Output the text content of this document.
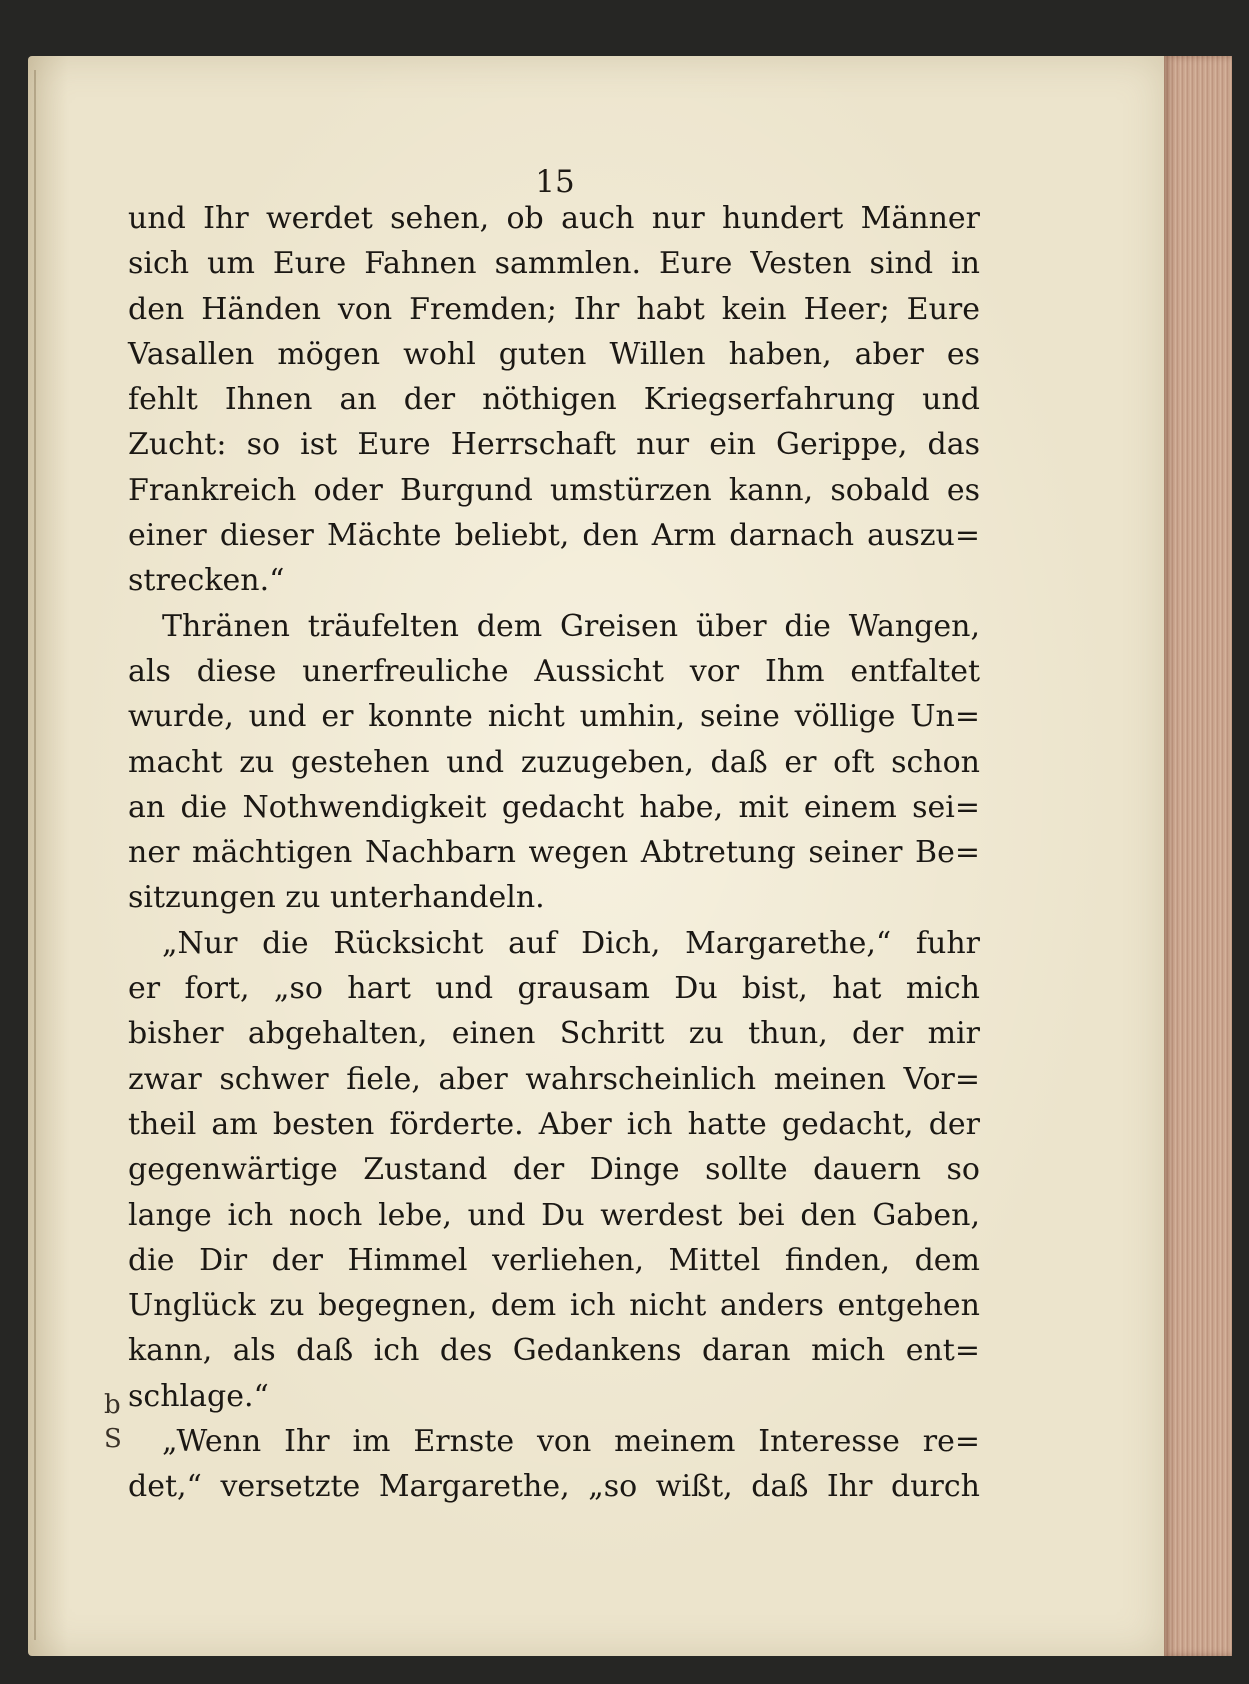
15
und Ihr werdet sehen, ob auch nur hundert Männer
sich um Eure Fahnen sammlen. Eure Vesten sind in
den Händen von Fremden; Ihr habt kein Heer; Eure
Vasallen mögen wohl guten Willen haben, aber es
fehlt Ihnen an der nöthigen Kriegserfahrung und
Zucht: so ist Eure Herrschaft nur ein Gerippe, das
Frankreich oder Burgund umstürzen kann, sobald es
einer dieser Mächte beliebt, den Arm darnach auszu=
strecken.“
Thränen träufelten dem Greisen über die Wangen,
als diese unerfreuliche Aussicht vor Ihm entfaltet
wurde, und er konnte nicht umhin, seine völlige Un=
macht zu gestehen und zuzugeben, daß er oft schon
an die Nothwendigkeit gedacht habe, mit einem sei=
ner mächtigen Nachbarn wegen Abtretung seiner Be=
sitzungen zu unterhandeln.
„Nur die Rücksicht auf Dich, Margarethe,“ fuhr
er fort, „so hart und grausam Du bist, hat mich
bisher abgehalten, einen Schritt zu thun, der mir
zwar schwer fiele, aber wahrscheinlich meinen Vor=
theil am besten förderte. Aber ich hatte gedacht, der
gegenwärtige Zustand der Dinge sollte dauern so
lange ich noch lebe, und Du werdest bei den Gaben,
die Dir der Himmel verliehen, Mittel finden, dem
Unglück zu begegnen, dem ich nicht anders entgehen
kann, als daß ich des Gedankens daran mich ent=
schlage.“
„Wenn Ihr im Ernste von meinem Interesse re=
det,“ versetzte Margarethe, „so wißt, daß Ihr durch
b
S
